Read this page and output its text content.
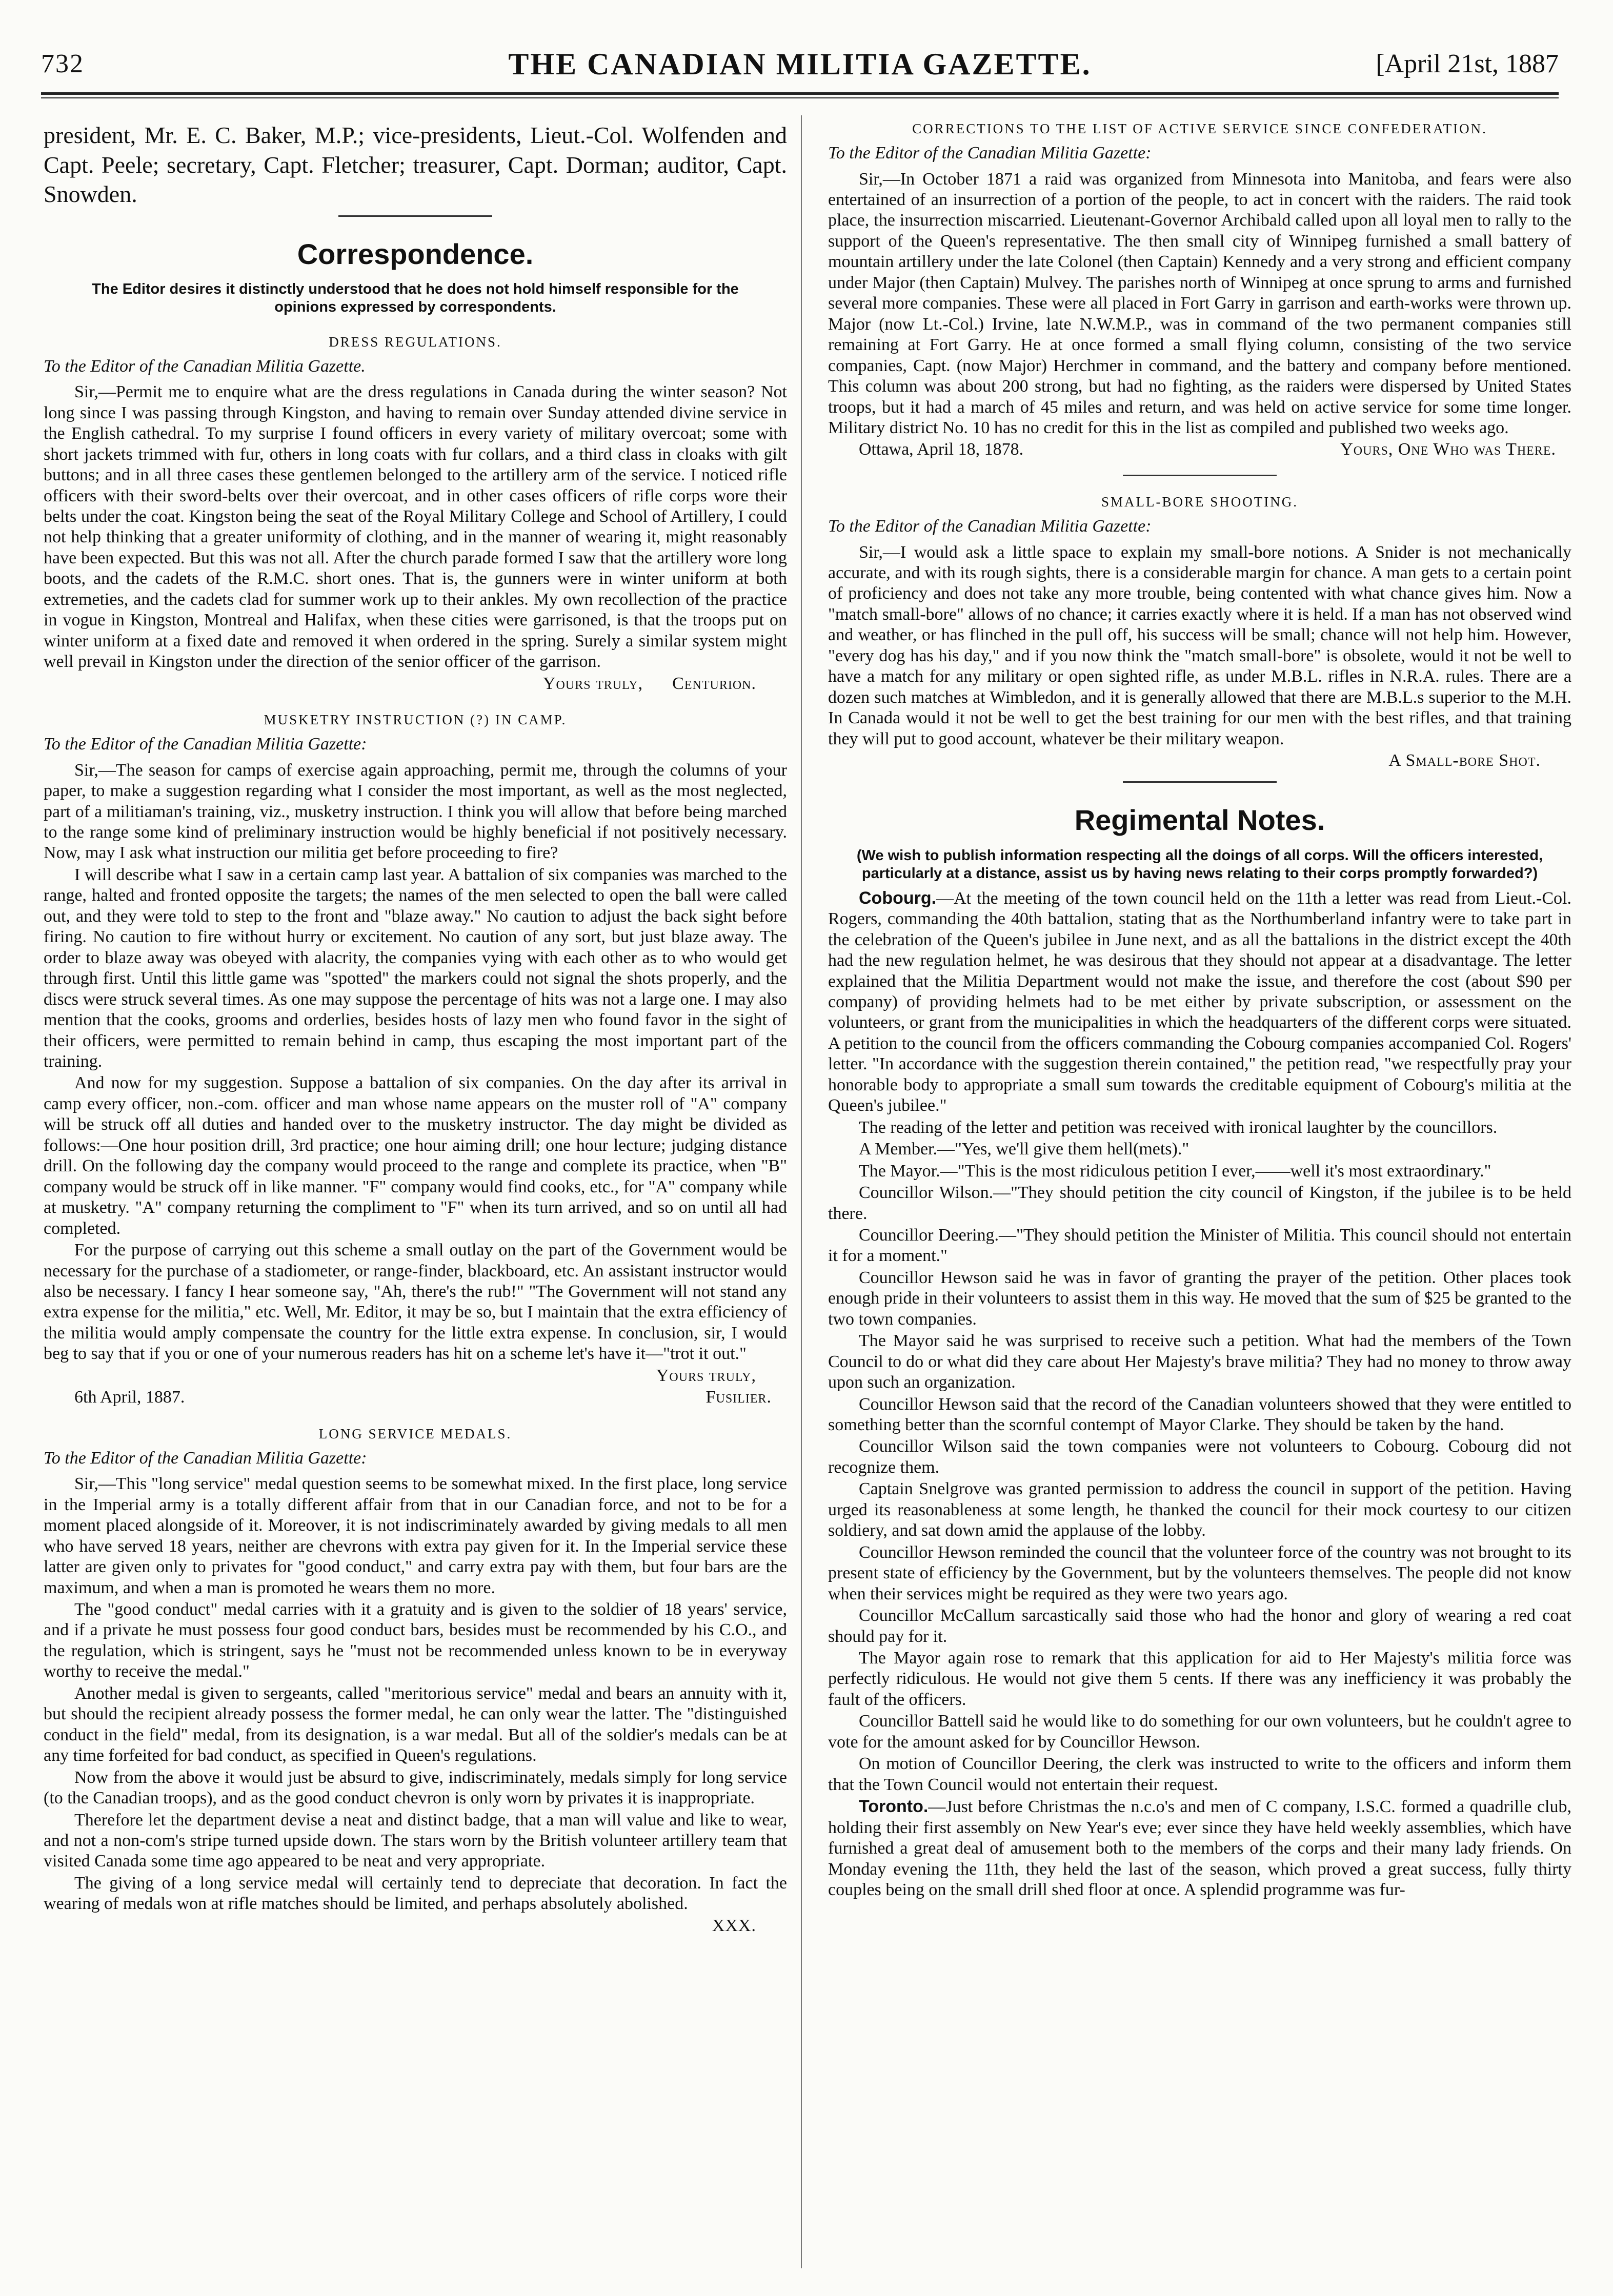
732	THE CANADIAN MILITIA GAZETTE.	[April 21st, 1887

president, Mr. E. C. Baker, M.P.; vice-presidents, Lieut.-Col. Wolfenden and Capt. Peele; secretary, Capt. Fletcher; treasurer, Capt. Dorman; auditor, Capt. Snowden.

Correspondence.
The Editor desires it distinctly understood that he does not hold himself responsible for the opinions expressed by correspondents.
DRESS REGULATIONS.

To the Editor of the Canadian Militia Gazette.

Sir,—Permit me to enquire what are the dress regulations in Canada during the winter season? Not long since I was passing through Kingston, and having to remain over Sunday attended divine service in the English cathedral. To my surprise I found officers in every variety of military overcoat; some with short jackets trimmed with fur, others in long coats with fur collars, and a third class in cloaks with gilt buttons; and in all three cases these gentlemen belonged to the artillery arm of the service. I noticed rifle officers with their sword-belts over their overcoat, and in other cases officers of rifle corps wore their belts under the coat. Kingston being the seat of the Royal Military College and School of Artillery, I could not help thinking that a greater uniformity of clothing, and in the manner of wearing it, might reasonably have been expected. But this was not all. After the church parade formed I saw that the artillery wore long boots, and the cadets of the R.M.C. short ones. That is, the gunners were in winter uniform at both extremeties, and the cadets clad for summer work up to their ankles. My own recollection of the practice in vogue in Kingston, Montreal and Halifax, when these cities were garrisoned, is that the troops put on winter uniform at a fixed date and removed it when ordered in the spring. Surely a similar system might well prevail in Kingston under the direction of the senior officer of the garrison.

Yours truly, Centurion.

MUSKETRY INSTRUCTION (?) IN CAMP.

To the Editor of the Canadian Militia Gazette:

Sir,—The season for camps of exercise again approaching, permit me, through the columns of your paper, to make a suggestion regarding what I consider the most important, as well as the most neglected, part of a militiaman's training, viz., musketry instruction. I think you will allow that before being marched to the range some kind of preliminary instruction would be highly beneficial if not positively necessary. Now, may I ask what instruction our militia get before proceeding to fire?

I will describe what I saw in a certain camp last year. A battalion of six companies was marched to the range, halted and fronted opposite the targets; the names of the men selected to open the ball were called out, and they were told to step to the front and "blaze away." No caution to adjust the back sight before firing. No caution to fire without hurry or excitement. No caution of any sort, but just blaze away. The order to blaze away was obeyed with alacrity, the companies vying with each other as to who would get through first. Until this little game was "spotted" the markers could not signal the shots properly, and the discs were struck several times. As one may suppose the percentage of hits was not a large one. I may also mention that the cooks, grooms and orderlies, besides hosts of lazy men who found favor in the sight of their officers, were permitted to remain behind in camp, thus escaping the most important part of the training.

And now for my suggestion. Suppose a battalion of six companies. On the day after its arrival in camp every officer, non.-com. officer and man whose name appears on the muster roll of "A" company will be struck off all duties and handed over to the musketry instructor. The day might be divided as follows:—One hour position drill, 3rd practice; one hour aiming drill; one hour lecture; judging distance drill. On the following day the company would proceed to the range and complete its practice, when "B" company would be struck off in like manner. "F" company would find cooks, etc., for "A" company while at musketry. "A" company returning the compliment to "F" when its turn arrived, and so on until all had completed.

For the purpose of carrying out this scheme a small outlay on the part of the Government would be necessary for the purchase of a stadiometer, or range-finder, blackboard, etc. An assistant instructor would also be necessary. I fancy I hear someone say, "Ah, there's the rub!" "The Government will not stand any extra expense for the militia," etc. Well, Mr. Editor, it may be so, but I maintain that the extra efficiency of the militia would amply compensate the country for the little extra expense. In conclusion, sir, I would beg to say that if you or one of your numerous readers has hit on a scheme let's have it—"trot it out."

Yours truly,

6th April, 1887.	Fusilier.
LONG SERVICE MEDALS.

To the Editor of the Canadian Militia Gazette:

Sir,—This "long service" medal question seems to be somewhat mixed. In the first place, long service in the Imperial army is a totally different affair from that in our Canadian force, and not to be for a moment placed alongside of it. Moreover, it is not indiscriminately awarded by giving medals to all men who have served 18 years, neither are chevrons with extra pay given for it. In the Imperial service these latter are given only to privates for "good conduct," and carry extra pay with them, but four bars are the maximum, and when a man is promoted he wears them no more.

The "good conduct" medal carries with it a gratuity and is given to the soldier of 18 years' service, and if a private he must possess four good conduct bars, besides must be recommended by his C.O., and the regulation, which is stringent, says he "must not be recommended unless known to be in everyway worthy to receive the medal."

Another medal is given to sergeants, called "meritorious service" medal and bears an annuity with it, but should the recipient already possess the former medal, he can only wear the latter. The "distinguished conduct in the field" medal, from its designation, is a war medal. But all of the soldier's medals can be at any time forfeited for bad conduct, as specified in Queen's regulations.

Now from the above it would just be absurd to give, indiscriminately, medals simply for long service (to the Canadian troops), and as the good conduct chevron is only worn by privates it is inappropriate.

Therefore let the department devise a neat and distinct badge, that a man will value and like to wear, and not a non-com's stripe turned upside down. The stars worn by the British volunteer artillery team that visited Canada some time ago appeared to be neat and very appropriate.

The giving of a long service medal will certainly tend to depreciate that decoration. In fact the wearing of medals won at rifle matches should be limited, and perhaps absolutely abolished.

XXX.

CORRECTIONS TO THE LIST OF ACTIVE SERVICE SINCE CONFEDERATION.

To the Editor of the Canadian Militia Gazette:

Sir,—In October 1871 a raid was organized from Minnesota into Manitoba, and fears were also entertained of an insurrection of a portion of the people, to act in concert with the raiders. The raid took place, the insurrection miscarried. Lieutenant-Governor Archibald called upon all loyal men to rally to the support of the Queen's representative. The then small city of Winnipeg furnished a small battery of mountain artillery under the late Colonel (then Captain) Kennedy and a very strong and efficient company under Major (then Captain) Mulvey. The parishes north of Winnipeg at once sprung to arms and furnished several more companies. These were all placed in Fort Garry in garrison and earth-works were thrown up. Major (now Lt.-Col.) Irvine, late N.W.M.P., was in command of the two permanent companies still remaining at Fort Garry. He at once formed a small flying column, consisting of the two service companies, Capt. (now Major) Herchmer in command, and the battery and company before mentioned. This column was about 200 strong, but had no fighting, as the raiders were dispersed by United States troops, but it had a march of 45 miles and return, and was held on active service for some time longer. Military district No. 10 has no credit for this in the list as compiled and published two weeks ago.

Ottawa, April 18, 1878.	Yours, One Who was There.
SMALL-BORE SHOOTING.

To the Editor of the Canadian Militia Gazette:

Sir,—I would ask a little space to explain my small-bore notions. A Snider is not mechanically accurate, and with its rough sights, there is a considerable margin for chance. A man gets to a certain point of proficiency and does not take any more trouble, being contented with what chance gives him. Now a "match small-bore" allows of no chance; it carries exactly where it is held. If a man has not observed wind and weather, or has flinched in the pull off, his success will be small; chance will not help him. However, "every dog has his day," and if you now think the "match small-bore" is obsolete, would it not be well to have a match for any military or open sighted rifle, as under M.B.L. rifles in N.R.A. rules. There are a dozen such matches at Wimbledon, and it is generally allowed that there are M.B.L.s superior to the M.H. In Canada would it not be well to get the best training for our men with the best rifles, and that training they will put to good account, whatever be their military weapon.

A Small-bore Shot.

Regimental Notes.
(We wish to publish information respecting all the doings of all corps. Will the officers interested, particularly at a distance, assist us by having news relating to their corps promptly forwarded?)

Cobourg.—At the meeting of the town council held on the 11th a letter was read from Lieut.-Col. Rogers, commanding the 40th battalion, stating that as the Northumberland infantry were to take part in the celebration of the Queen's jubilee in June next, and as all the battalions in the district except the 40th had the new regulation helmet, he was desirous that they should not appear at a disadvantage. The letter explained that the Militia Department would not make the issue, and therefore the cost (about $90 per company) of providing helmets had to be met either by private subscription, or assessment on the volunteers, or grant from the municipalities in which the headquarters of the different corps were situated. A petition to the council from the officers commanding the Cobourg companies accompanied Col. Rogers' letter. "In accordance with the suggestion therein contained," the petition read, "we respectfully pray your honorable body to appropriate a small sum towards the creditable equipment of Cobourg's militia at the Queen's jubilee."

The reading of the letter and petition was received with ironical laughter by the councillors.

A Member.—"Yes, we'll give them hell(mets)."

The Mayor.—"This is the most ridiculous petition I ever,——well it's most extraordinary."

Councillor Wilson.—"They should petition the city council of Kingston, if the jubilee is to be held there.

Councillor Deering.—"They should petition the Minister of Militia. This council should not entertain it for a moment."

Councillor Hewson said he was in favor of granting the prayer of the petition. Other places took enough pride in their volunteers to assist them in this way. He moved that the sum of $25 be granted to the two town companies.

The Mayor said he was surprised to receive such a petition. What had the members of the Town Council to do or what did they care about Her Majesty's brave militia? They had no money to throw away upon such an organization.

Councillor Hewson said that the record of the Canadian volunteers showed that they were entitled to something better than the scornful contempt of Mayor Clarke. They should be taken by the hand.

Councillor Wilson said the town companies were not volunteers to Cobourg. Cobourg did not recognize them.

Captain Snelgrove was granted permission to address the council in support of the petition. Having urged its reasonableness at some length, he thanked the council for their mock courtesy to our citizen soldiery, and sat down amid the applause of the lobby.

Councillor Hewson reminded the council that the volunteer force of the country was not brought to its present state of efficiency by the Government, but by the volunteers themselves. The people did not know when their services might be required as they were two years ago.

Councillor McCallum sarcastically said those who had the honor and glory of wearing a red coat should pay for it.

The Mayor again rose to remark that this application for aid to Her Majesty's militia force was perfectly ridiculous. He would not give them 5 cents. If there was any inefficiency it was probably the fault of the officers.

Councillor Battell said he would like to do something for our own volunteers, but he couldn't agree to vote for the amount asked for by Councillor Hewson.

On motion of Councillor Deering, the clerk was instructed to write to the officers and inform them that the Town Council would not entertain their request.

Toronto.—Just before Christmas the n.c.o's and men of C company, I.S.C. formed a quadrille club, holding their first assembly on New Year's eve; ever since they have held weekly assemblies, which have furnished a great deal of amusement both to the members of the corps and their many lady friends. On Monday evening the 11th, they held the last of the season, which proved a great success, fully thirty couples being on the small drill shed floor at once. A splendid programme was fur-
